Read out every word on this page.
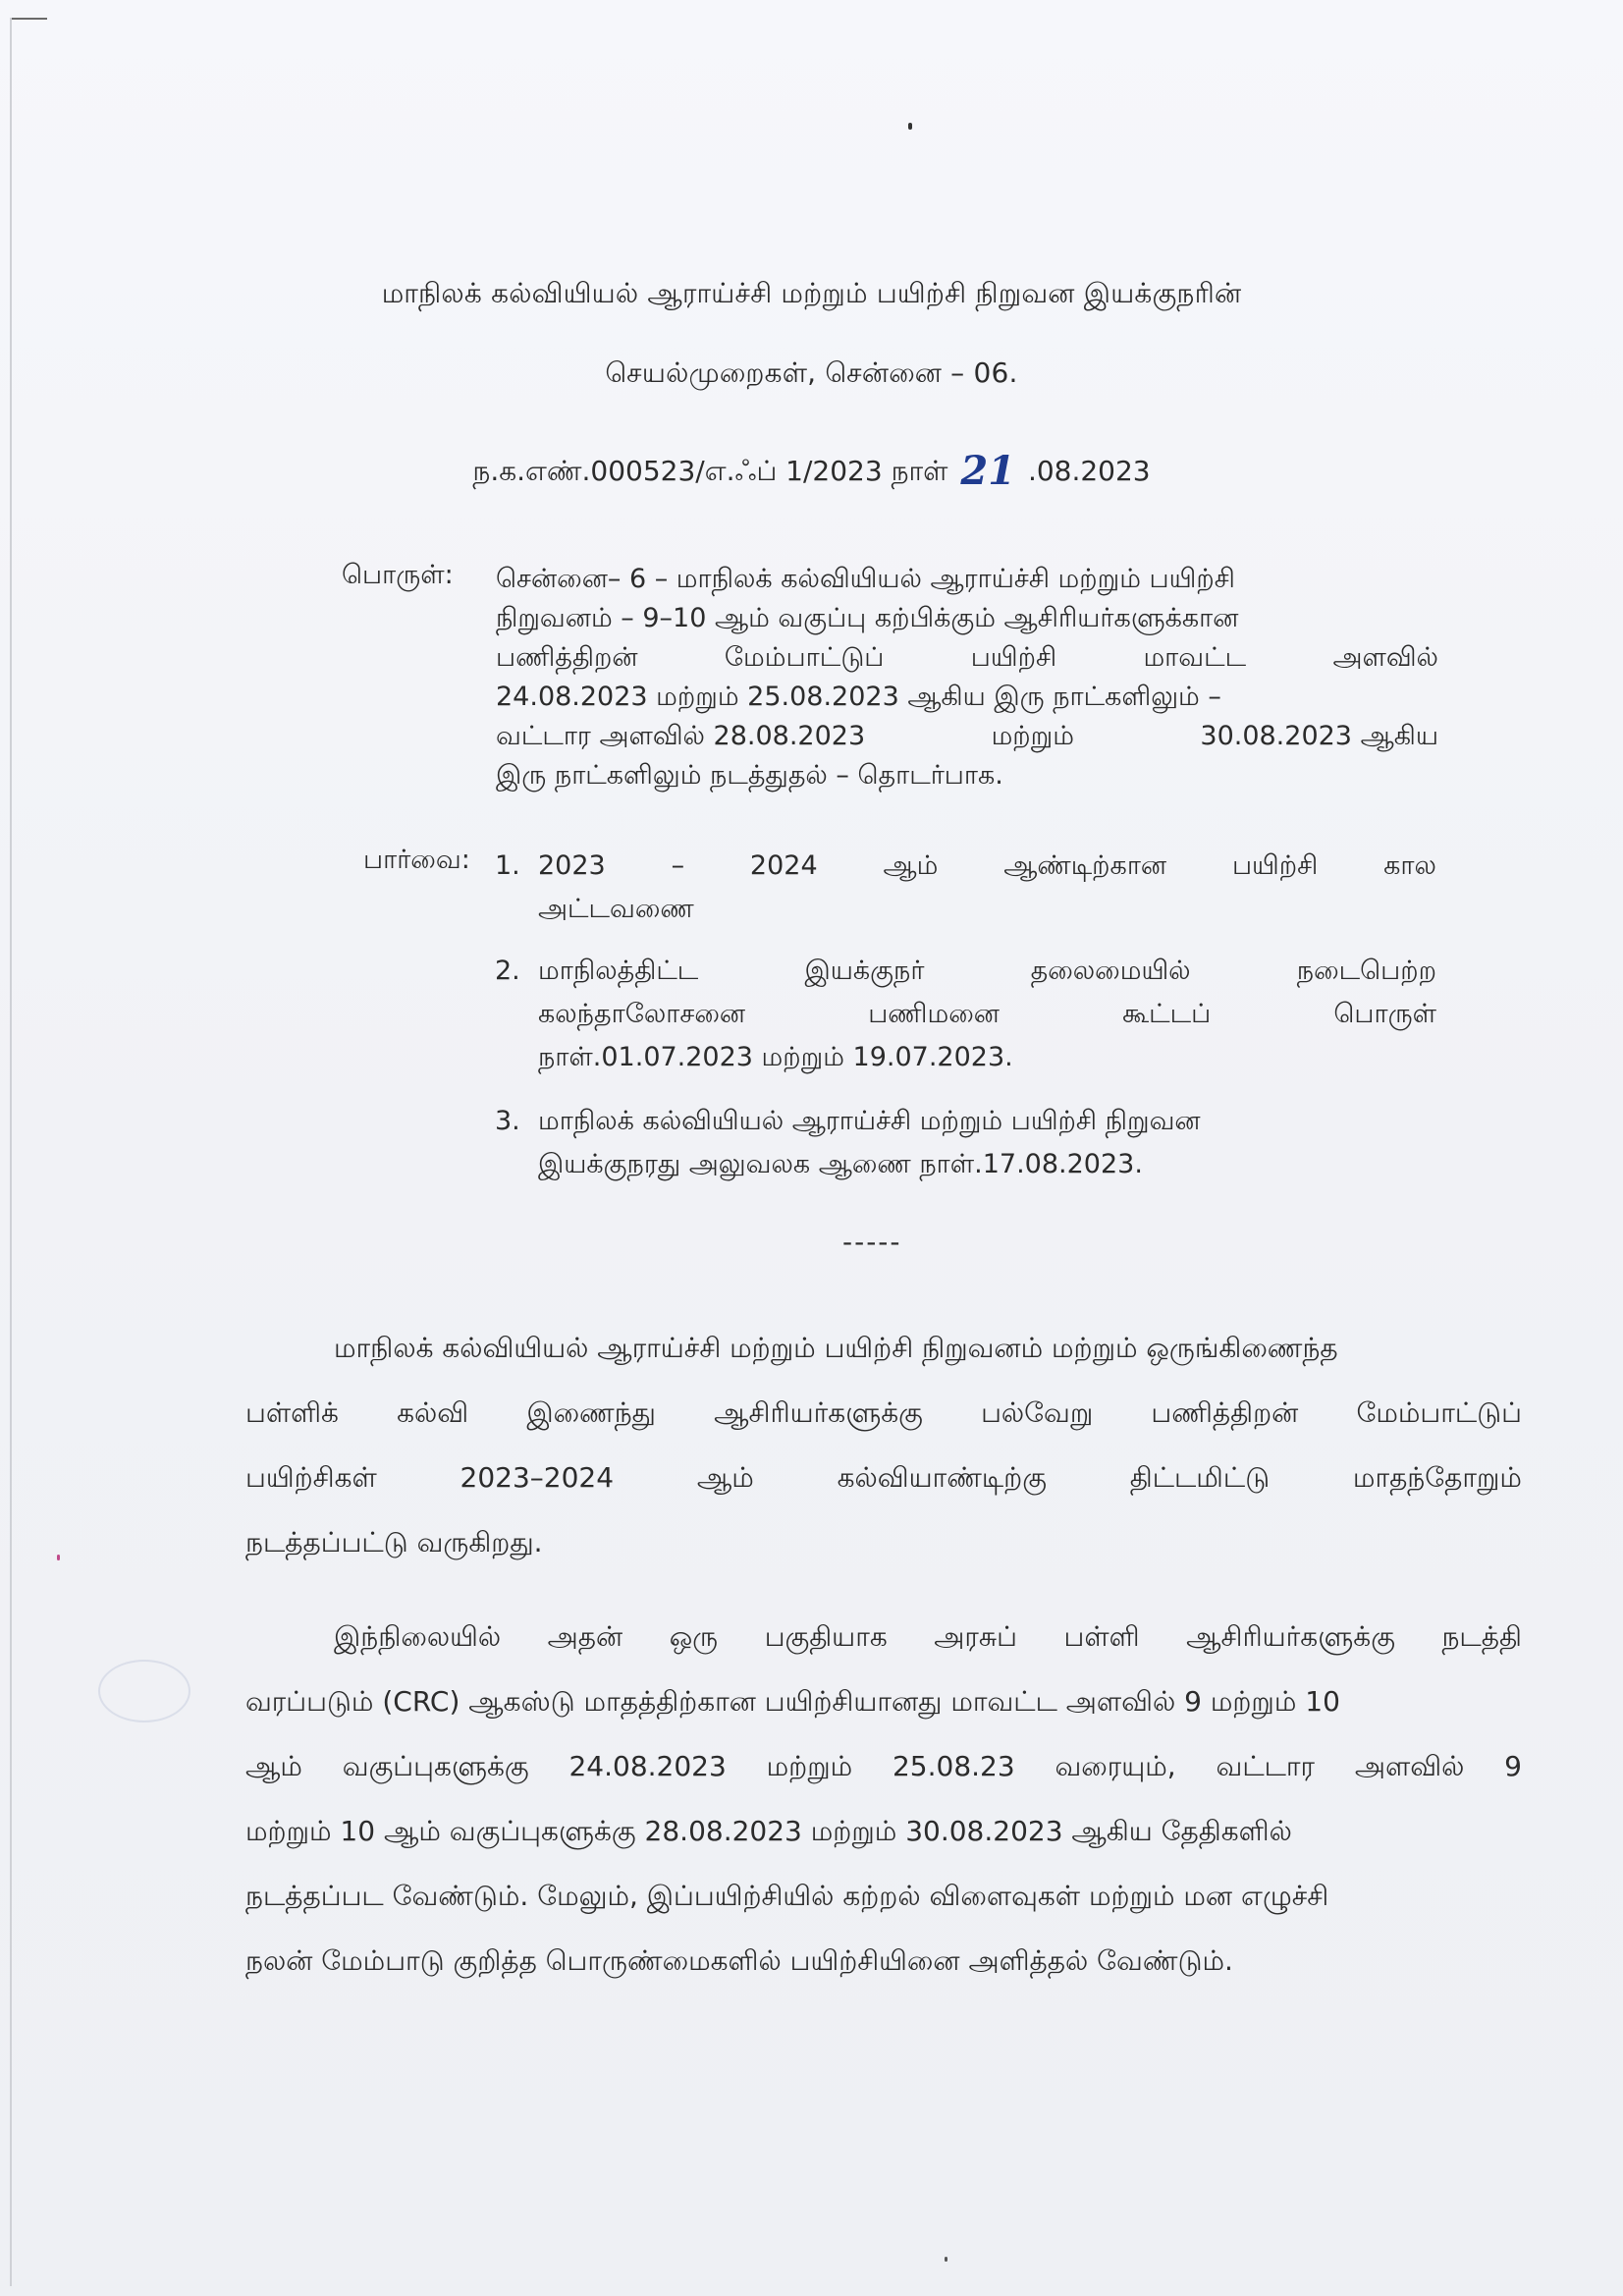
மாநிலக் கல்வியியல் ஆராய்ச்சி மற்றும் பயிற்சி நிறுவன இயக்குநரின்
செயல்முறைகள், சென்னை – 06.
ந.க.எண்.000523/எ.ஃப் 1/2023 நாள் 21 .08.2023
பொருள்: சென்னை– 6 – மாநிலக் கல்வியியல் ஆராய்ச்சி மற்றும் பயிற்சி
நிறுவனம் – 9–10 ஆம் வகுப்பு கற்பிக்கும் ஆசிரியர்களுக்கான
பணித்திறன்	மேம்பாட்டுப்	பயிற்சி	மாவட்ட	அளவில்
24.08.2023 மற்றும் 25.08.2023 ஆகிய இரு நாட்களிலும் –
வட்டார அளவில் 28.08.2023	மற்றும்	30.08.2023 ஆகிய
இரு நாட்களிலும் நடத்துதல் – தொடர்பாக.
பார்வை: 1. 2023 – 2024 ஆம் ஆண்டிற்கான பயிற்சி கால
அட்டவணை
2. மாநிலத்திட்ட	இயக்குநர்	தலைமையில்	நடைபெற்ற
கலந்தாலோசனை	பணிமனை	கூட்டப்	பொருள்
நாள்.01.07.2023 மற்றும் 19.07.2023.
3. மாநிலக் கல்வியியல் ஆராய்ச்சி மற்றும் பயிற்சி நிறுவன
இயக்குநரது அலுவலக ஆணை நாள்.17.08.2023.
-----
மாநிலக் கல்வியியல் ஆராய்ச்சி மற்றும் பயிற்சி நிறுவனம் மற்றும் ஒருங்கிணைந்த
பள்ளிக் கல்வி இணைந்து ஆசிரியர்களுக்கு பல்வேறு பணித்திறன் மேம்பாட்டுப்
பயிற்சிகள்	2023–2024	ஆம்	கல்வியாண்டிற்கு	திட்டமிட்டு	மாதந்தோறும்
நடத்தப்பட்டு வருகிறது.
இந்நிலையில் அதன் ஒரு பகுதியாக அரசுப் பள்ளி ஆசிரியர்களுக்கு நடத்தி
வரப்படும் (CRC) ஆகஸ்டு மாதத்திற்கான பயிற்சியானது மாவட்ட அளவில் 9 மற்றும் 10
ஆம் வகுப்புகளுக்கு 24.08.2023 மற்றும் 25.08.23 வரையும், வட்டார அளவில் 9
மற்றும் 10 ஆம் வகுப்புகளுக்கு 28.08.2023 மற்றும் 30.08.2023 ஆகிய தேதிகளில்
நடத்தப்பட வேண்டும். மேலும், இப்பயிற்சியில் கற்றல் விளைவுகள் மற்றும் மன எழுச்சி
நலன் மேம்பாடு குறித்த பொருண்மைகளில் பயிற்சியினை அளித்தல் வேண்டும்.
